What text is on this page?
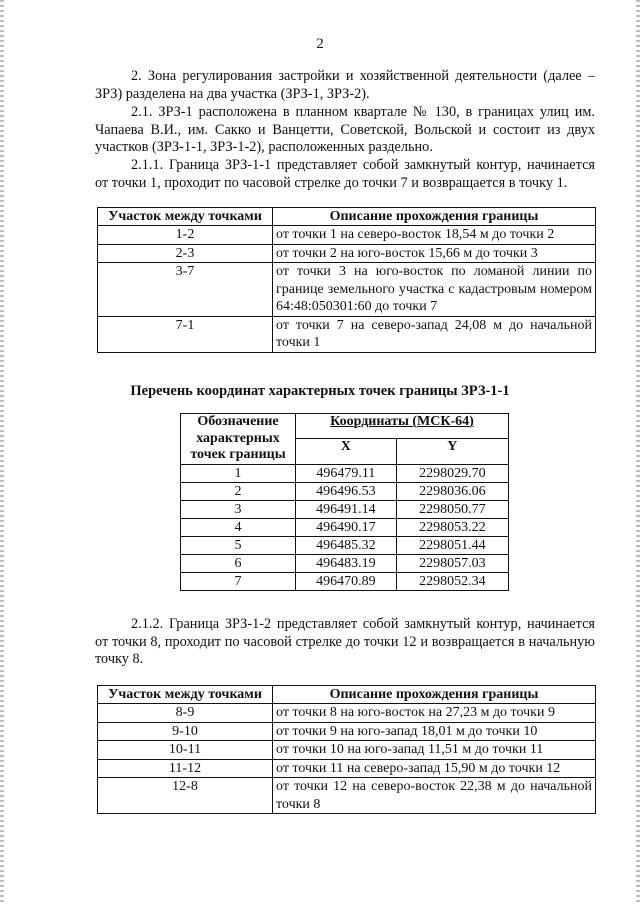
2
2. Зона регулирования застройки и хозяйственной деятельности (далее – ЗРЗ) разделена на два участка (ЗРЗ-1, ЗРЗ-2).
2.1. ЗРЗ-1 расположена в планном квартале № 130, в границах улиц им. Чапаева В.И., им. Сакко и Ванцетти, Советской, Вольской и состоит из двух участков (ЗРЗ-1-1, ЗРЗ-1-2), расположенных раздельно.
2.1.1. Граница ЗРЗ-1-1 представляет собой замкнутый контур, начинается от точки 1, проходит по часовой стрелке до точки 7 и возвращается в точку 1.
Участок между точками	Описание прохождения границы
1-2	от точки 1 на северо-восток 18,54 м до точки 2
2-3	от точки 2 на юго-восток 15,66 м до точки 3
3-7	от точки 3 на юго-восток по ломаной линии по границе земельного участка с кадастровым номером 64:48:050301:60 до точки 7
7-1	от точки 7 на северо-запад 24,08 м до начальной точки 1
Перечень координат характерных точек границы ЗРЗ-1-1
Обозначение характерных точек границы	Координаты (МСК-64)	
	X	Y
1	496479.11	2298029.70
2	496496.53	2298036.06
3	496491.14	2298050.77
4	496490.17	2298053.22
5	496485.32	2298051.44
6	496483.19	2298057.03
7	496470.89	2298052.34
2.1.2. Граница ЗРЗ-1-2 представляет собой замкнутый контур, начинается от точки 8, проходит по часовой стрелке до точки 12 и возвращается в начальную точку 8.
Участок между точками	Описание прохождения границы
8-9	от точки 8 на юго-восток на 27,23 м до точки 9
9-10	от точки 9 на юго-запад 18,01 м до точки 10
10-11	от точки 10 на юго-запад 11,51 м до точки 11
11-12	от точки 11 на северо-запад 15,90 м до точки 12
12-8	от точки 12 на северо-восток 22,38 м до начальной точки 8
